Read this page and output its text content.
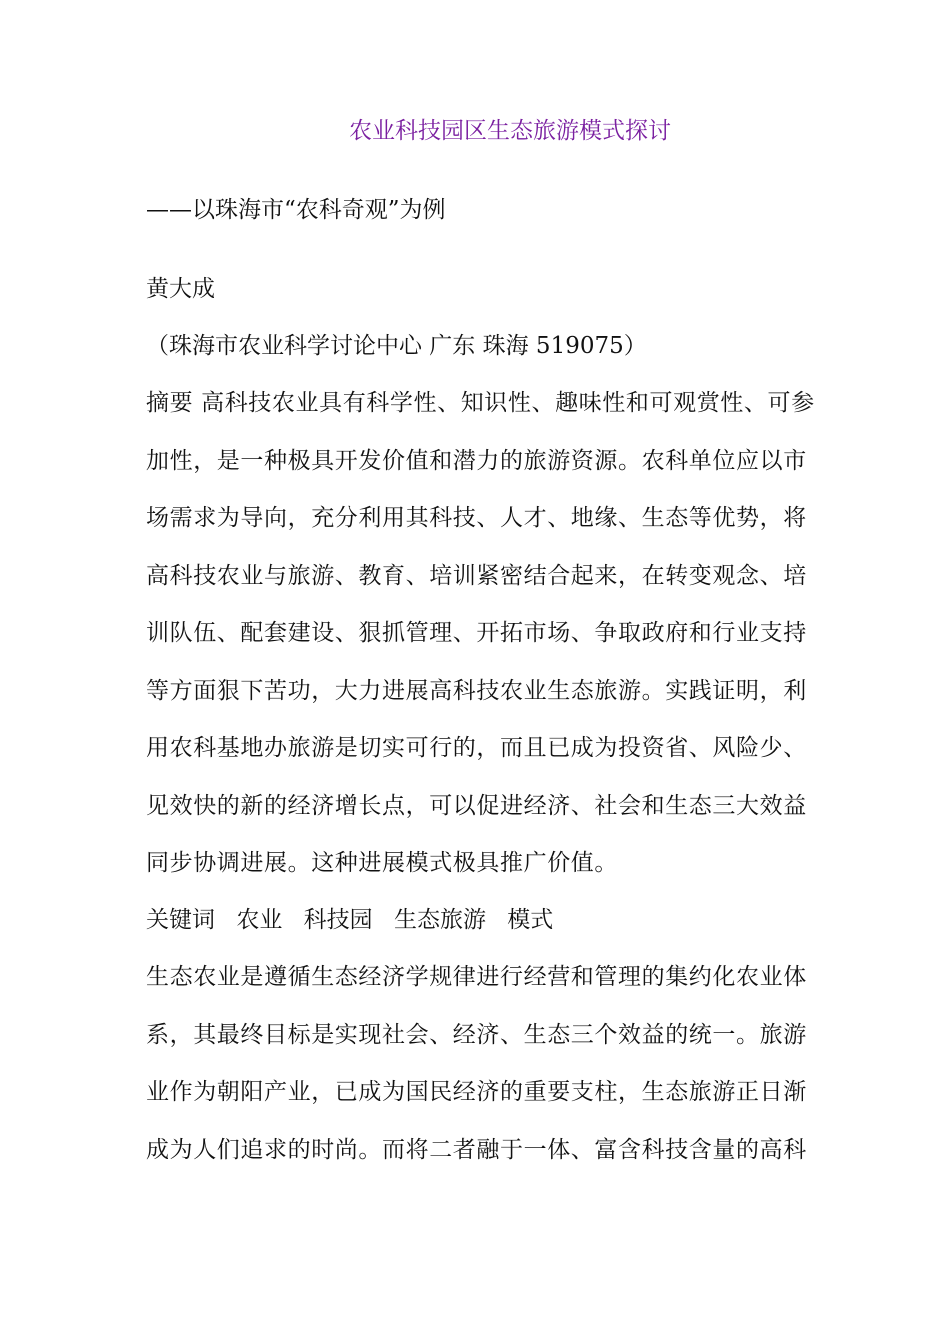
农业科技园区生态旅游模式探讨
——以珠海市“农科奇观”为例
黄大成
（珠海市农业科学讨论中心 广东 珠海 519075）
摘要 高科技农业具有科学性、知识性、趣味性和可观赏性、可参
加性，是一种极具开发价值和潜力的旅游资源。农科单位应以市
场需求为导向，充分利用其科技、人才、地缘、生态等优势，将
高科技农业与旅游、教育、培训紧密结合起来，在转变观念、培
训队伍、配套建设、狠抓管理、开拓市场、争取政府和行业支持
等方面狠下苦功，大力进展高科技农业生态旅游。实践证明，利
用农科基地办旅游是切实可行的，而且已成为投资省、风险少、
见效快的新的经济增长点，可以促进经济、社会和生态三大效益
同步协调进展。这种进展模式极具推广价值。
关键词 农业 科技园 生态旅游 模式
生态农业是遵循生态经济学规律进行经营和管理的集约化农业体
系，其最终目标是实现社会、经济、生态三个效益的统一。旅游
业作为朝阳产业，已成为国民经济的重要支柱，生态旅游正日渐
成为人们追求的时尚。而将二者融于一体、富含科技含量的高科
